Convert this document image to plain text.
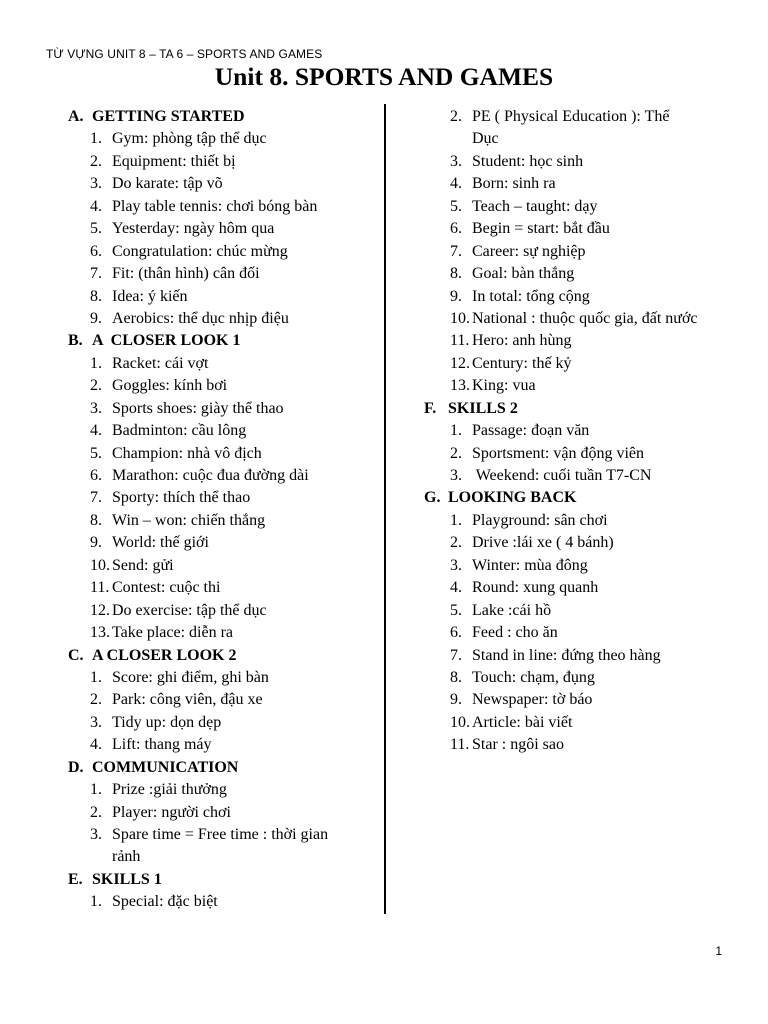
TỪ VỰNG UNIT 8 – TA 6 – SPORTS AND GAMES
Unit 8. SPORTS AND GAMES
A. GETTING STARTED
1. Gym: phòng tập thể dục
2. Equipment: thiết bị
3. Do karate: tập võ
4. Play table tennis: chơi bóng bàn
5. Yesterday: ngày hôm qua
6. Congratulation: chúc mừng
7. Fit: (thân hình) cân đối
8. Idea: ý kiến
9. Aerobics: thể dục nhịp điệu
B. A  CLOSER LOOK 1
1. Racket: cái vợt
2. Goggles: kính bơi
3. Sports shoes: giày thể thao
4. Badminton: cầu lông
5. Champion: nhà vô địch
6. Marathon: cuộc đua đường dài
7. Sporty: thích thể thao
8. Win – won: chiến thắng
9. World: thế giới
10. Send: gửi
11. Contest: cuộc thi
12. Do exercise: tập thể dục
13. Take place: diễn ra
C. A CLOSER LOOK 2
1. Score: ghi điểm, ghi bàn
2. Park: công viên, đậu xe
3. Tidy up: dọn dẹp
4. Lift: thang máy
D. COMMUNICATION
1. Prize :giải thưởng
2. Player: người chơi
3. Spare time = Free time : thời gian
rảnh
E. SKILLS 1
1. Special: đặc biệt
2. PE ( Physical Education ): Thể
Dục
3. Student: học sinh
4. Born: sinh ra
5. Teach – taught: dạy
6. Begin = start: bắt đầu
7. Career: sự nghiệp
8. Goal: bàn thắng
9. In total: tổng cộng
10. National : thuộc quốc gia, đất nước
11. Hero: anh hùng
12. Century: thế kỷ
13. King: vua
F. SKILLS 2
1. Passage: đoạn văn
2. Sportsment: vận động viên
3. Weekend: cuối tuần T7-CN
G. LOOKING BACK
1. Playground: sân chơi
2. Drive :lái xe ( 4 bánh)
3. Winter: mùa đông
4. Round: xung quanh
5. Lake :cái hồ
6. Feed : cho ăn
7. Stand in line: đứng theo hàng
8. Touch: chạm, đụng
9. Newspaper: tờ báo
10. Article: bài viết
11. Star : ngôi sao
1
